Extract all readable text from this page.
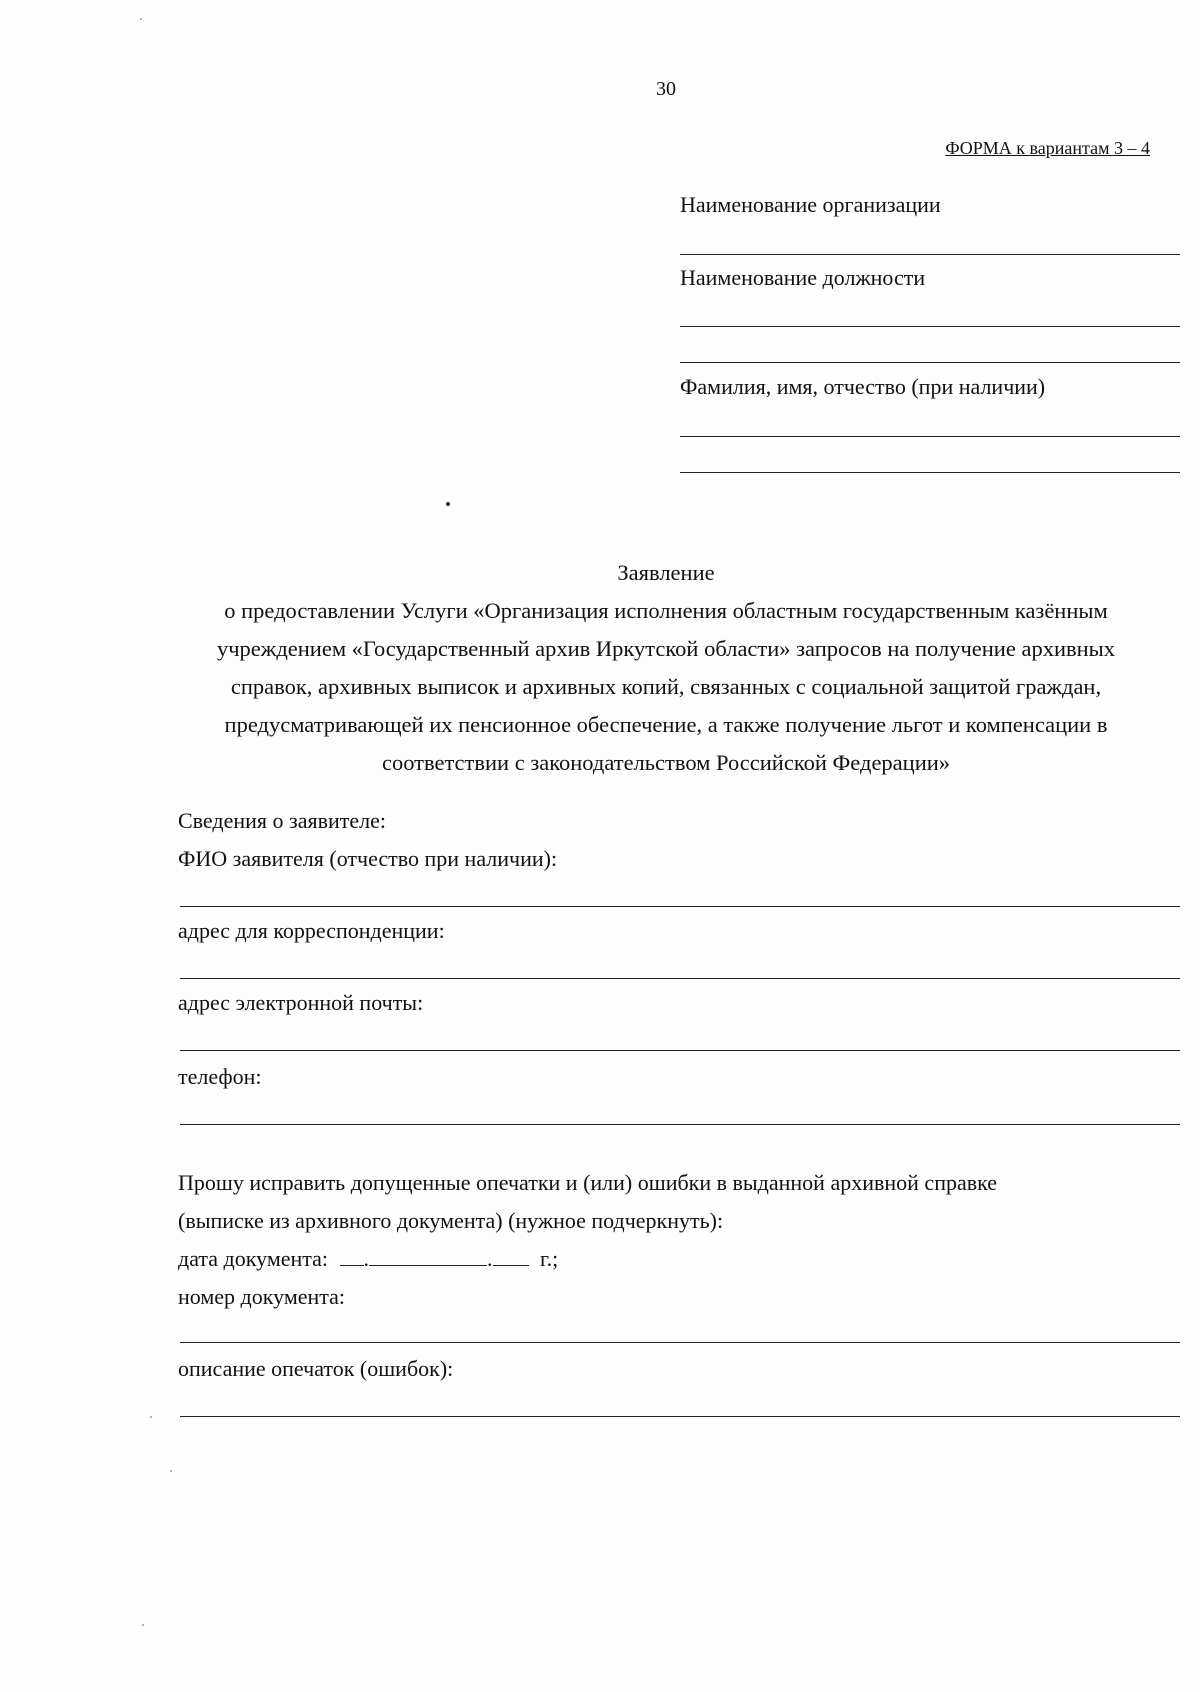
30
ФОРМА к вариантам 3 – 4
Наименование организации
Наименование должности
Фамилия, имя, отчество (при наличии)
Заявление
о предоставлении Услуги «Организация исполнения областным государственным казённым
учреждением «Государственный архив Иркутской области» запросов на получение архивных
справок, архивных выписок и архивных копий, связанных с социальной защитой граждан,
предусматривающей их пенсионное обеспечение, а также получение льгот и компенсации в
соответствии с законодательством Российской Федерации»
Сведения о заявителе:
ФИО заявителя (отчество при наличии):
адрес для корреспонденции:
адрес электронной почты:
телефон:
Прошу исправить допущенные опечатки и (или) ошибки в выданной архивной справке
(выписке из архивного документа) (нужное подчеркнуть):
дата документа: .	. г.;
номер документа:
описание опечаток (ошибок):
